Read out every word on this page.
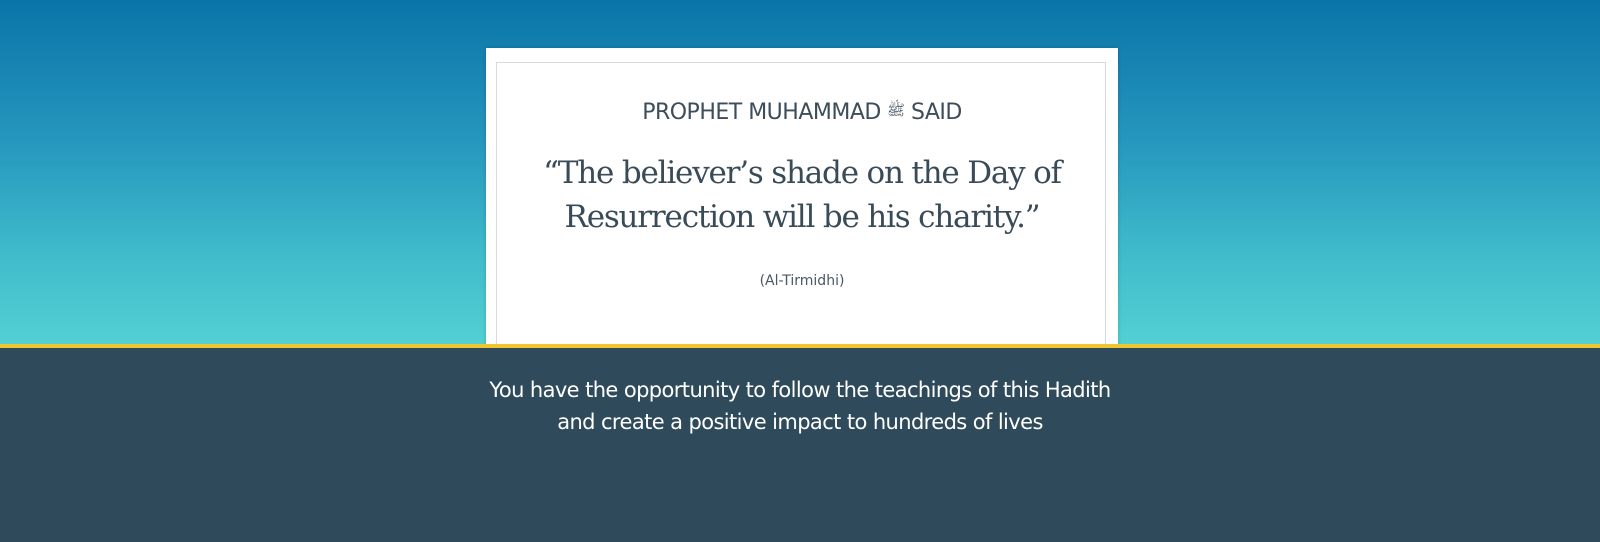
PROPHET MUHAMMAD ﷺ SAID
“The believer’s shade on the Day of
Resurrection will be his charity.”
(Al-Tirmidhi)
You have the opportunity to follow the teachings of this Hadith
and create a positive impact to hundreds of lives
